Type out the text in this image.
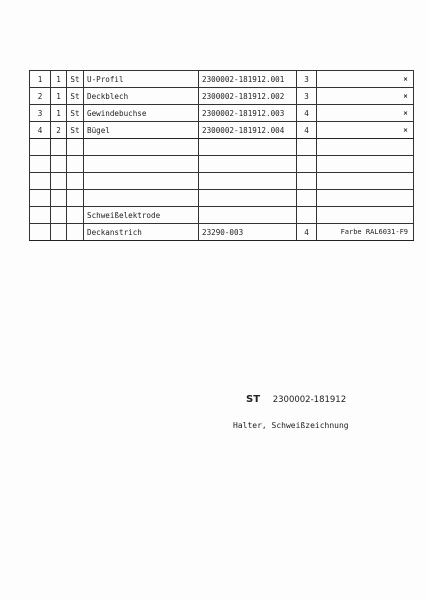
1	1	St	U-Profil	2300002-181912.001	3	×
2	1	St	Deckblech	2300002-181912.002	3	×
3	1	St	Gewindebuchse	2300002-181912.003	4	×
4	2	St	Bügel	2300002-181912.004	4	×

			Schweißelektrode			
			Deckanstrich	23290-003	4	Farbe RAL6031-F9
ST 2300002-181912
Halter, Schweißzeichnung
